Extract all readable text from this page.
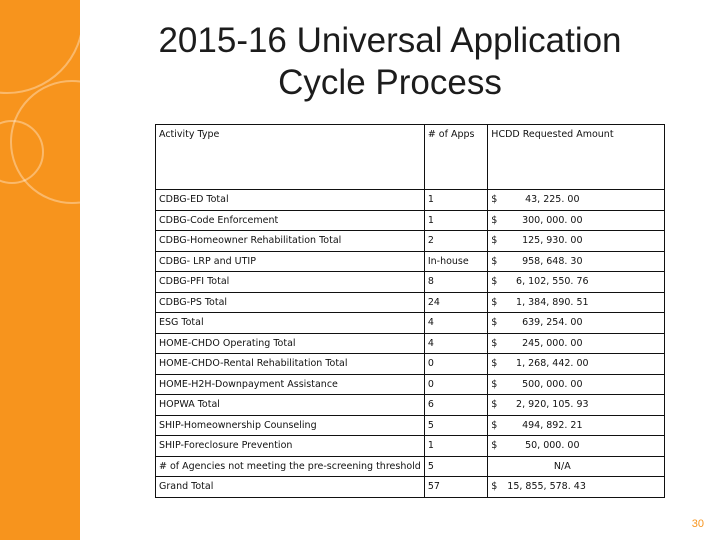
2015-16 Universal Application
Cycle Process
Activity Type	# of Apps	HCDD Requested Amount
CDBG-ED Total	1	$ 43, 225. 00
CDBG-Code Enforcement	1	$ 300, 000. 00
CDBG-Homeowner Rehabilitation Total	2	$ 125, 930. 00
CDBG- LRP and UTIP	In-house	$ 958, 648. 30
CDBG-PFI Total	8	$ 6, 102, 550. 76
CDBG-PS Total	24	$ 1, 384, 890. 51
ESG Total	4	$ 639, 254. 00
HOME-CHDO Operating Total	4	$ 245, 000. 00
HOME-CHDO-Rental Rehabilitation Total	0	$ 1, 268, 442. 00
HOME-H2H-Downpayment Assistance	0	$ 500, 000. 00
HOPWA Total	6	$ 2, 920, 105. 93
SHIP-Homeownership Counseling	5	$ 494, 892. 21
SHIP-Foreclosure Prevention	1	$ 50, 000. 00
# of Agencies not meeting the pre-screening threshold	5	N/A
Grand Total	57	$ 15, 855, 578. 43
30
